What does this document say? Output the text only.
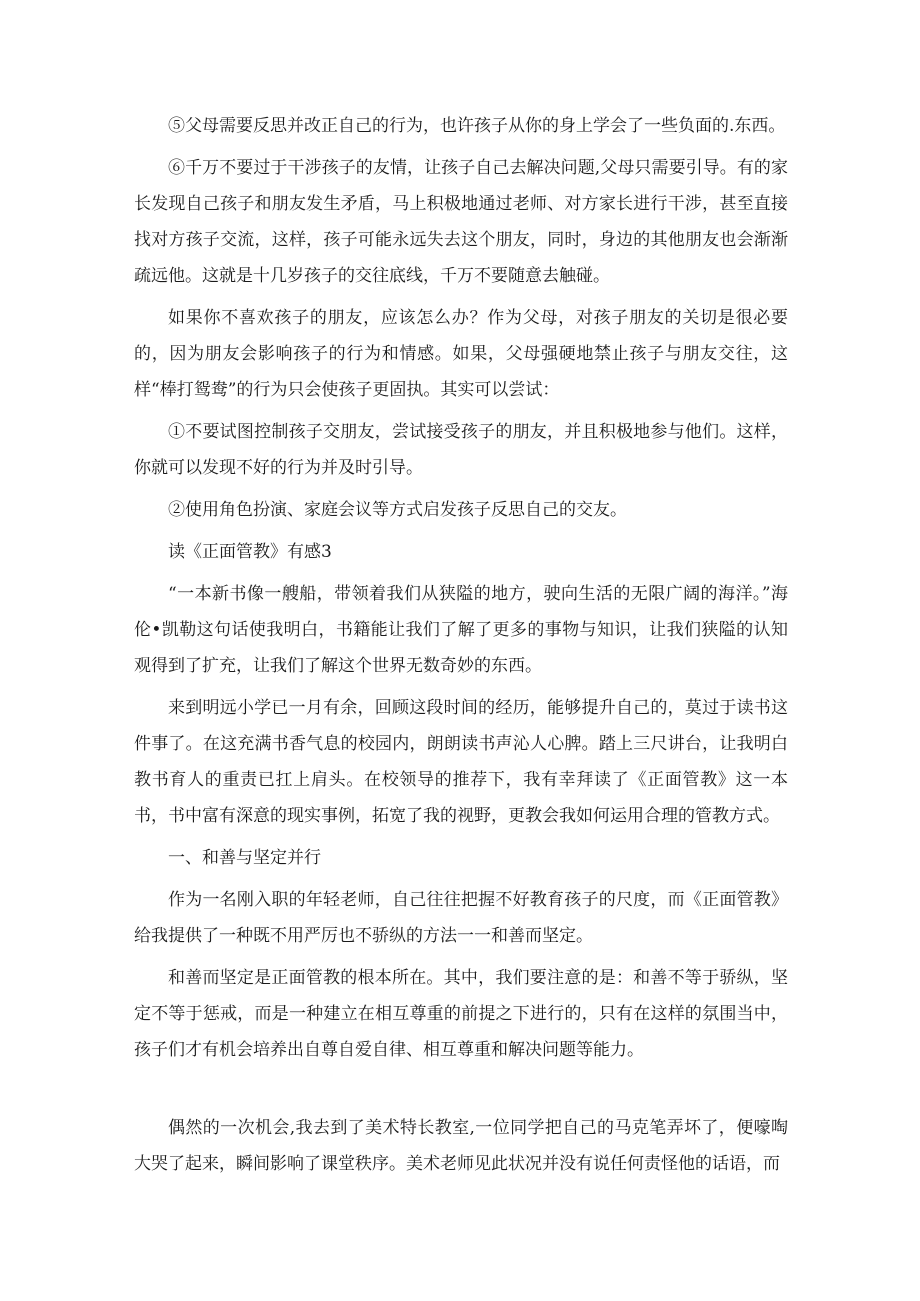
⑤父母需要反思并改正自己的行为，也许孩子从你的身上学会了一些负面的.东西。

⑥千万不要过于干涉孩子的友情，让孩子自己去解决问题,父母只需要引导。有的家长发现自己孩子和朋友发生矛盾，马上积极地通过老师、对方家长进行干涉，甚至直接找对方孩子交流，这样，孩子可能永远失去这个朋友，同时，身边的其他朋友也会渐渐疏远他。这就是十几岁孩子的交往底线，千万不要随意去触碰。

如果你不喜欢孩子的朋友，应该怎么办？作为父母，对孩子朋友的关切是很必要的，因为朋友会影响孩子的行为和情感。如果，父母强硬地禁止孩子与朋友交往，这样“棒打鸳鸯”的行为只会使孩子更固执。其实可以尝试：

①不要试图控制孩子交朋友，尝试接受孩子的朋友，并且积极地参与他们。这样，你就可以发现不好的行为并及时引导。

②使用角色扮演、家庭会议等方式启发孩子反思自己的交友。

读《正面管教》有感3

“一本新书像一艘船，带领着我们从狭隘的地方，驶向生活的无限广阔的海洋。”海伦•凯勒这句话使我明白，书籍能让我们了解了更多的事物与知识，让我们狭隘的认知观得到了扩充，让我们了解这个世界无数奇妙的东西。

来到明远小学已一月有余，回顾这段时间的经历，能够提升自己的，莫过于读书这件事了。在这充满书香气息的校园内，朗朗读书声沁人心脾。踏上三尺讲台，让我明白教书育人的重责已扛上肩头。在校领导的推荐下，我有幸拜读了《正面管教》这一本书，书中富有深意的现实事例，拓宽了我的视野，更教会我如何运用合理的管教方式。

一、和善与坚定并行

作为一名刚入职的年轻老师，自己往往把握不好教育孩子的尺度，而《正面管教》给我提供了一种既不用严厉也不骄纵的方法一一和善而坚定。

和善而坚定是正面管教的根本所在。其中，我们要注意的是：和善不等于骄纵，坚定不等于惩戒，而是一种建立在相互尊重的前提之下进行的，只有在这样的氛围当中，孩子们才有机会培养出自尊自爱自律、相互尊重和解决问题等能力。

偶然的一次机会,我去到了美术特长教室,一位同学把自己的马克笔弄坏了，便嚎啕大哭了起来，瞬间影响了课堂秩序。美术老师见此状况并没有说任何责怪他的话语，而
